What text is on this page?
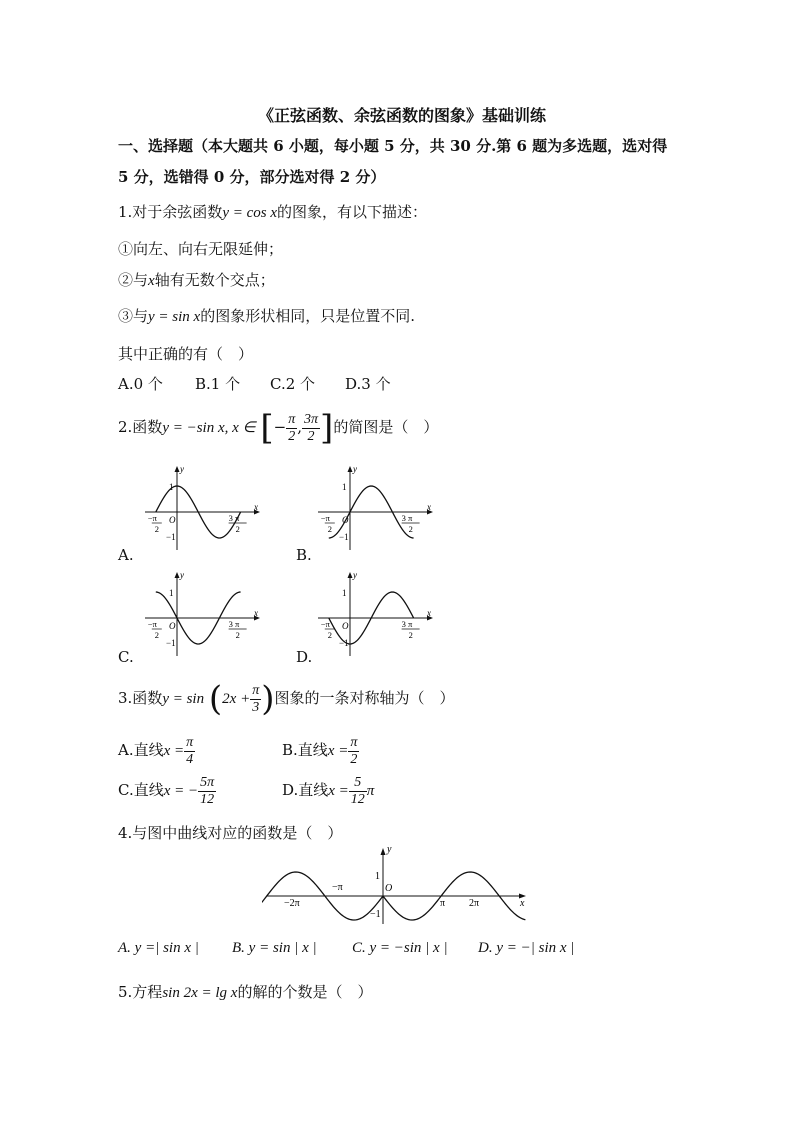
《正弦函数、余弦函数的图象》基础训练
一、选择题（本大题共 6 小题，每小题 5 分，共 30 分.第 6 题为多选题，选对得
5 分，选错得 0 分，部分选对得 2 分）
1.对于余弦函数y = cos x的图象，有以下描述：
①向左、向右无限延伸；
②与x轴有无数个交点；
③与y = sin x的图象形状相同，只是位置不同.
其中正确的有（　）
A.0 个 B.1 个 C.2 个 D.3 个
2.函数y = −sin x, x ∈ [− $\frac{\pi}{2}$ , $\frac{3\pi}{2}$ ]的简图是（　）
y
x
1
−1
O
−π
2
3 π
2
A.
y
x
1
−1
O
−π
2
3 π
2
B.
y
x
1
−1
O
−π
2
3 π
2
C.
y
x
1
−1
O
−π
2
3 π
2
D.
3.函数$y = \sin (2x + \frac{\pi}{3}$ )图象的一条对称轴为（　）
A.直线$x = \frac{\pi}{4}$	B.直线$x = \frac{\pi}{2}$
C.直线x = − $\frac{5\pi}{12}$	D.直线$x = \frac{5}{12}$ π
4.与图中曲线对应的函数是（　）
y
x
1
−1
O
−2π
−π
π 2π
A. y =| sin x | B. y = sin | x | C. y = −sin | x | D. y = −| sin x |
5.方程sin 2x = lg x的解的个数是（　）
